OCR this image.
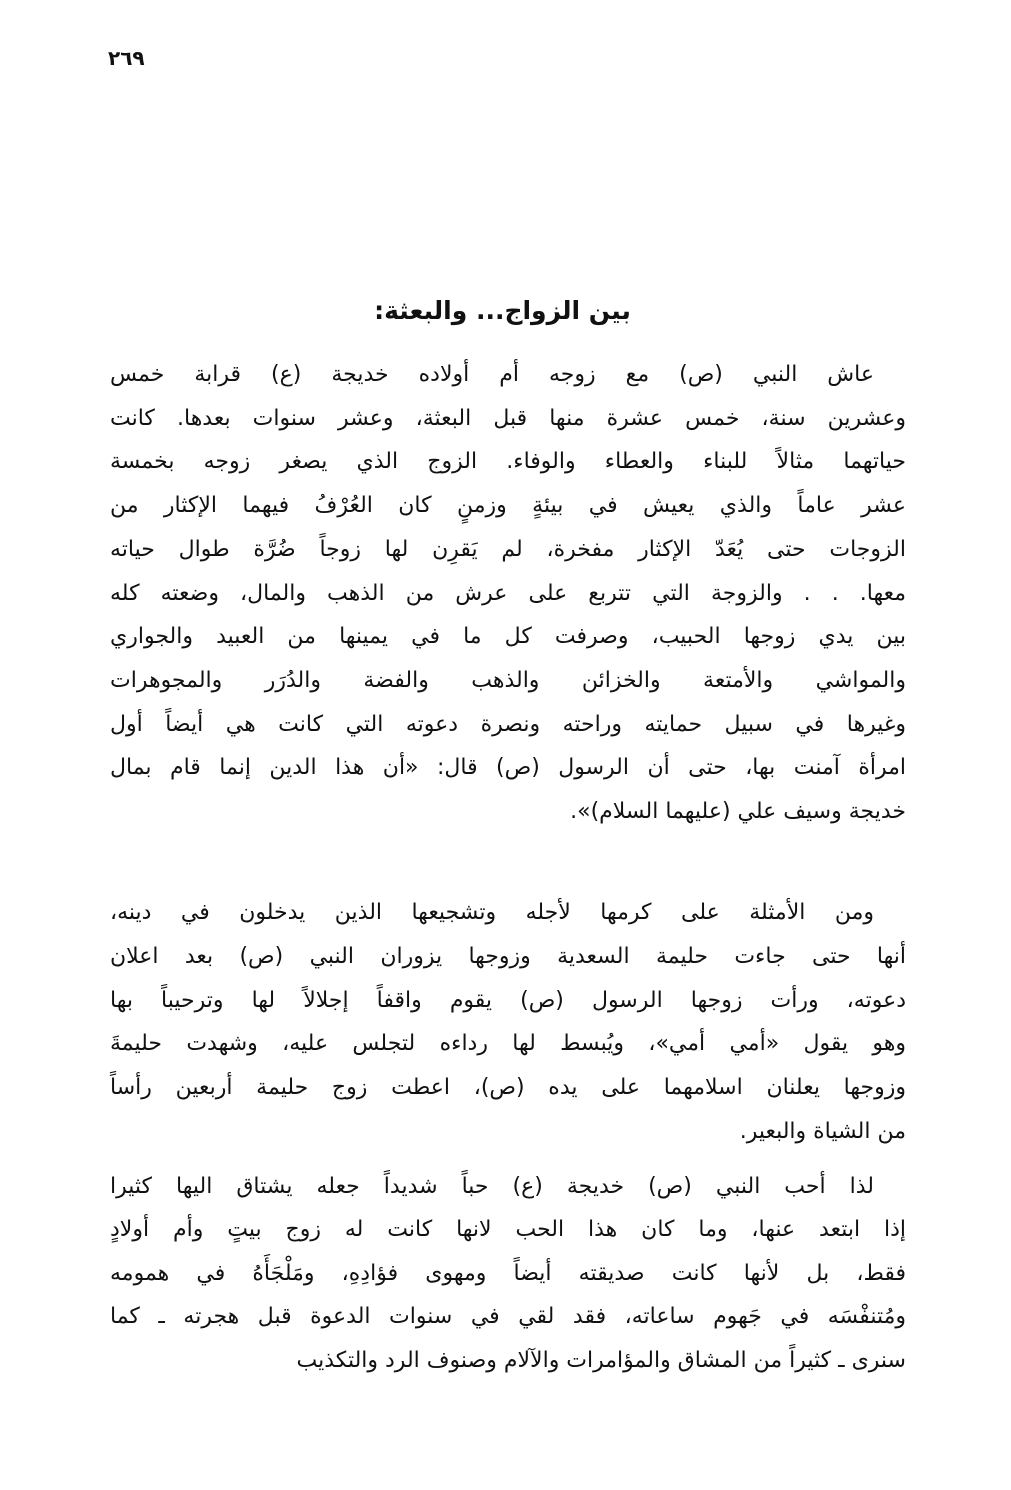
٢٦٩
بين الزواج... والبعثة:
عاش النبي (ص) مع زوجه أم أولاده خديجة (ع) قرابة خمس
وعشرين سنة، خمس عشرة منها قبل البعثة، وعشر سنوات بعدها. كانت
حياتهما مثالاً للبناء والعطاء والوفاء. الزوج الذي يصغر زوجه بخمسة
عشر عاماً والذي يعيش في بيئةٍ وزمنٍ كان العُرْفُ فيهما الإكثار من
الزوجات حتى يُعَدّ الإكثار مفخرة، لم يَقرِن لها زوجاً ضُرَّة طوال حياته
معها. . . والزوجة التي تتربع على عرش من الذهب والمال، وضعته كله
بين يدي زوجها الحبيب، وصرفت كل ما في يمينها من العبيد والجواري
والمواشي والأمتعة والخزائن والذهب والفضة والدُرَر والمجوهرات
وغيرها في سبيل حمايته وراحته ونصرة دعوته التي كانت هي أيضاً أول
امرأة آمنت بها، حتى أن الرسول (ص) قال: «أن هذا الدين إنما قام بمال
خديجة وسيف علي (عليهما السلام)».
ومن الأمثلة على كرمها لأجله وتشجيعها الذين يدخلون في دينه،
أنها حتى جاءت حليمة السعدية وزوجها يزوران النبي (ص) بعد اعلان
دعوته، ورأت زوجها الرسول (ص) يقوم واقفاً إجلالاً لها وترحيباً بها
وهو يقول «أمي أمي»، ويُبسط لها رداءه لتجلس عليه، وشهدت حليمةَ
وزوجها يعلنان اسلامهما على يده (ص)، اعطت زوج حليمة أربعين رأساً
من الشياة والبعير.
لذا أحب النبي (ص) خديجة (ع) حباً شديداً جعله يشتاق اليها كثيرا
إذا ابتعد عنها، وما كان هذا الحب لانها كانت له زوج بيتٍ وأم أولادٍ
فقط، بل لأنها كانت صديقته أيضاً ومهوى فؤادِهِ، ومَلْجَأَهُ في همومه
ومُتنفْسَه في جَهوم ساعاته، فقد لقي في سنوات الدعوة قبل هجرته ـ كما
سنرى ـ كثيراً من المشاق والمؤامرات والآلام وصنوف الرد والتكذيب
